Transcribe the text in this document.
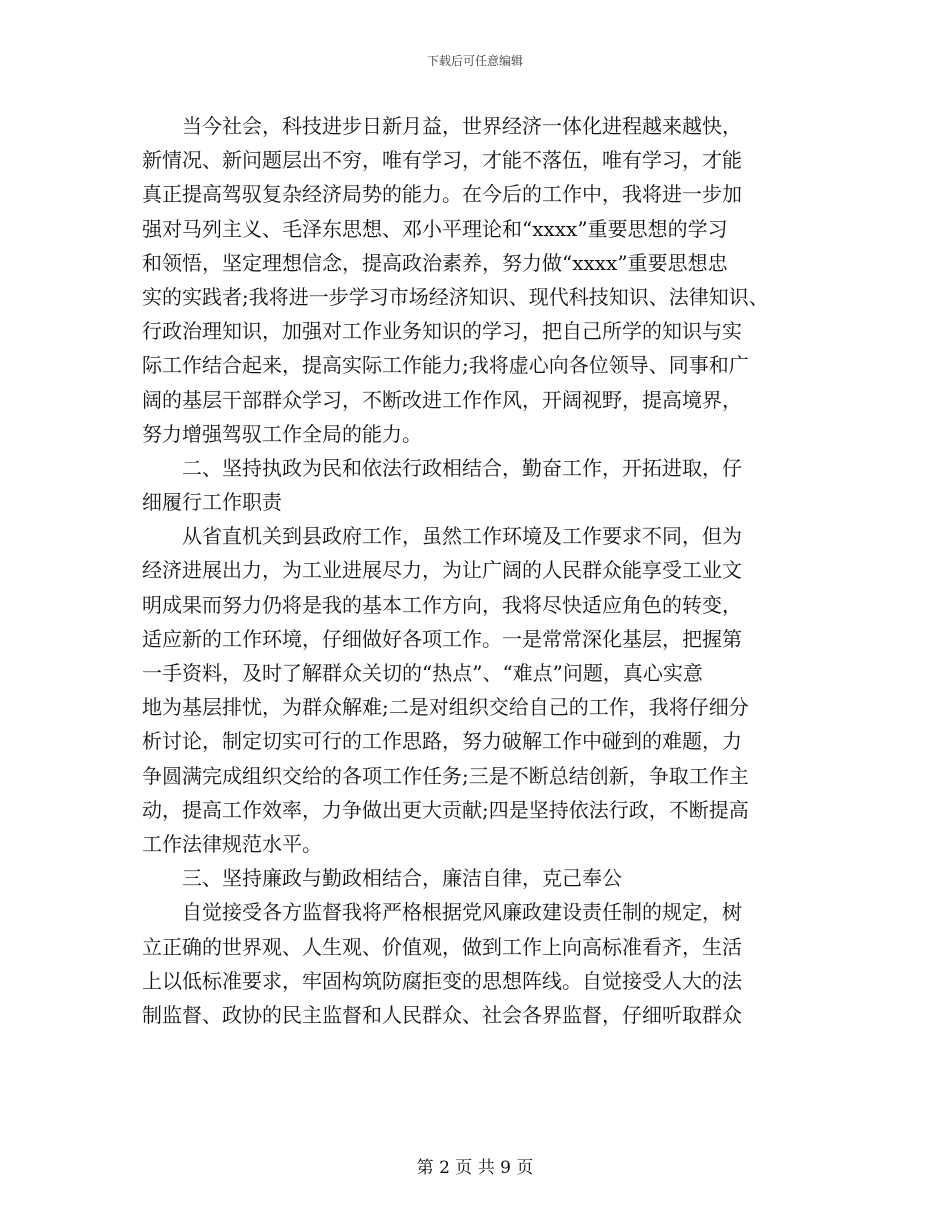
下载后可任意编辑
　　当今社会，科技进步日新月益，世界经济一体化进程越来越快，
新情况、新问题层出不穷，唯有学习，才能不落伍，唯有学习，才能
真正提高驾驭复杂经济局势的能力。在今后的工作中，我将进一步加
强对马列主义、毛泽东思想、邓小平理论和“xxxx”重要思想的学习
和领悟，坚定理想信念，提高政治素养，努力做“xxxx”重要思想忠
实的实践者;我将进一步学习市场经济知识、现代科技知识、法律知识、
行政治理知识，加强对工作业务知识的学习，把自己所学的知识与实
际工作结合起来，提高实际工作能力;我将虚心向各位领导、同事和广
阔的基层干部群众学习，不断改进工作作风，开阔视野，提高境界，
努力增强驾驭工作全局的能力。
　　二、坚持执政为民和依法行政相结合，勤奋工作，开拓进取，仔
细履行工作职责
　　从省直机关到县政府工作，虽然工作环境及工作要求不同，但为
经济进展出力，为工业进展尽力，为让广阔的人民群众能享受工业文
明成果而努力仍将是我的基本工作方向，我将尽快适应角色的转变，
适应新的工作环境，仔细做好各项工作。一是常常深化基层，把握第
一手资料，及时了解群众关切的“热点”、“难点”问题，真心实意
地为基层排忧，为群众解难;二是对组织交给自己的工作，我将仔细分
析讨论，制定切实可行的工作思路，努力破解工作中碰到的难题，力
争圆满完成组织交给的各项工作任务;三是不断总结创新，争取工作主
动，提高工作效率，力争做出更大贡献;四是坚持依法行政，不断提高
工作法律规范水平。
　　三、坚持廉政与勤政相结合，廉洁自律，克己奉公
　　自觉接受各方监督我将严格根据党风廉政建设责任制的规定，树
立正确的世界观、人生观、价值观，做到工作上向高标准看齐，生活
上以低标准要求，牢固构筑防腐拒变的思想阵线。自觉接受人大的法
制监督、政协的民主监督和人民群众、社会各界监督，仔细听取群众
第 2 页 共 9 页
